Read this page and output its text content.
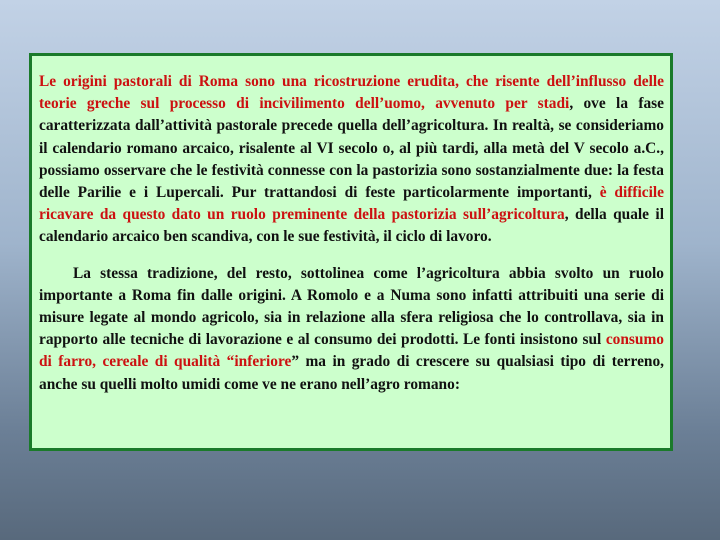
Le origini pastorali di Roma sono una ricostruzione erudita, che risente dell’influsso delle teorie greche sul processo di incivilimento dell’uomo, avvenuto per stadi, ove la fase caratterizzata dall’attività pastorale precede quella dell’agricoltura. In realtà, se consideriamo il calendario romano arcaico, risalente al VI secolo o, al più tardi, alla metà del V secolo a.C., possiamo osservare che le festività connesse con la pastorizia sono sostanzialmente due: la festa delle Parilie e i Lupercali. Pur trattandosi di feste particolarmente importanti, è difficile ricavare da questo dato un ruolo preminente della pastorizia sull’agricoltura, della quale il calendario arcaico ben scandiva, con le sue festività, il ciclo di lavoro.

La stessa tradizione, del resto, sottolinea come l’agricoltura abbia svolto un ruolo importante a Roma fin dalle origini. A Romolo e a Numa sono infatti attribuiti una serie di misure legate al mondo agricolo, sia in relazione alla sfera religiosa che lo controllava, sia in rapporto alle tecniche di lavorazione e al consumo dei prodotti. Le fonti insistono sul consumo di farro, cereale di qualità “inferiore” ma in grado di crescere su qualsiasi tipo di terreno, anche su quelli molto umidi come ve ne erano nell’agro romano:
